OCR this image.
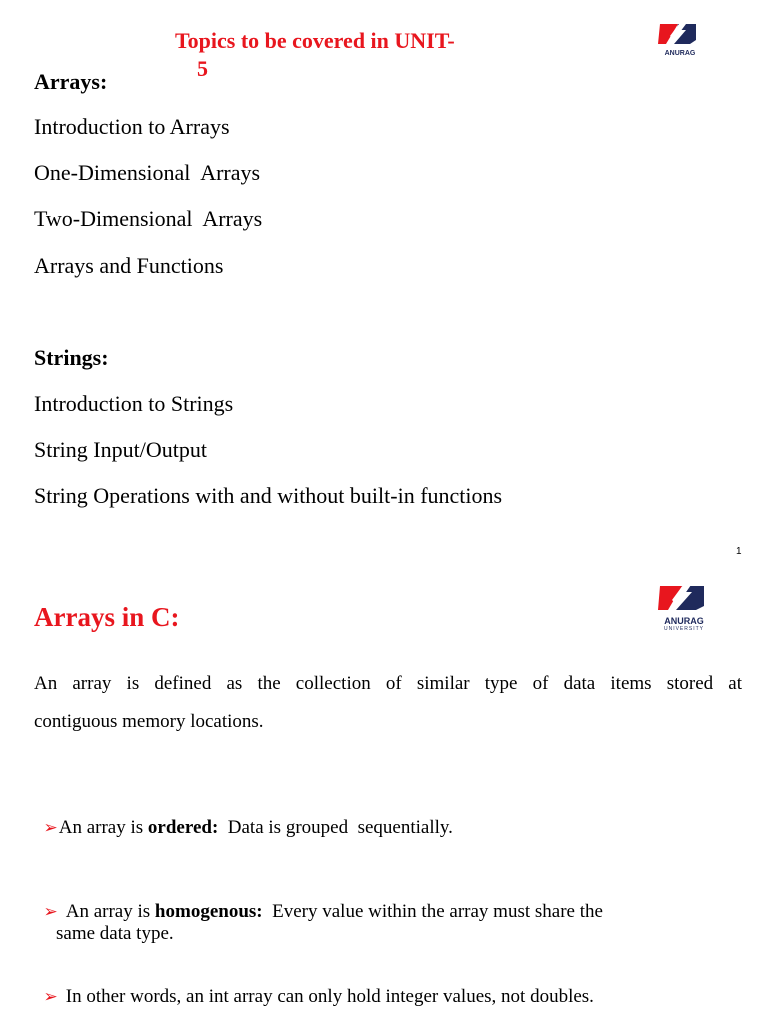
Topics to be covered in UNIT-
5
ANURAG
Arrays:
Introduction to Arrays
One-Dimensional  Arrays
Two-Dimensional  Arrays
Arrays and Functions
Strings:
Introduction to Strings
String Input/Output
String Operations with and without built-in functions
1
Arrays in C:	ANURAG
UNIVERSITY
An array is defined as the collection of similar type of data items stored at
contiguous memory locations.

➢An array is ordered:  Data is grouped  sequentially.

➢ An array is homogenous:  Every value within the array must share the

same data type.

➢ In other words, an int array can only hold integer values, not doubles.
